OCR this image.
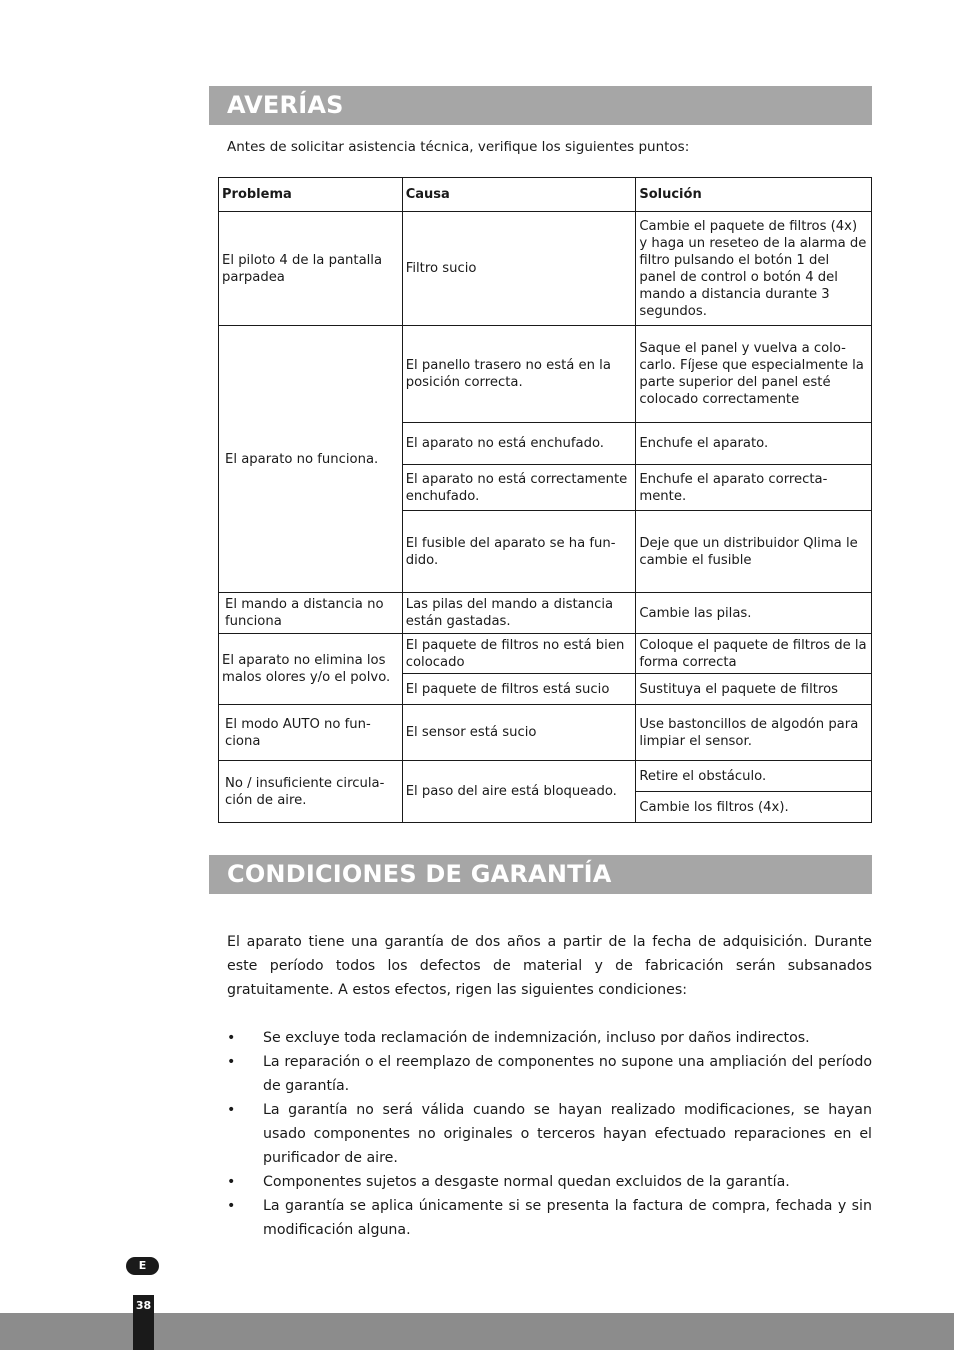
AVERÍAS
Antes de solicitar asistencia técnica, verifique los siguientes puntos:
Problema	Causa	Solución
El piloto 4 de la pantalla parpadea	Filtro sucio	Cambie el paquete de filtros (4x) y haga un reseteo de la alarma de filtro pulsando el botón 1 del panel de control o botón 4 del mando a distancia durante 3 segundos.
El aparato no funciona.	El panello trasero no está en la posición correcta.	Saque el panel y vuelva a colo-carlo. Fíjese que especialmente la parte superior del panel esté colocado correctamente
	El aparato no está enchufado.	Enchufe el aparato.
	El aparato no está correctamente enchufado.	Enchufe el aparato correcta-mente.
	El fusible del aparato se ha fun-dido.	Deje que un distribuidor Qlima le cambie el fusible
El mando a distancia no funciona	Las pilas del mando a distancia están gastadas.	Cambie las pilas.
El aparato no elimina los malos olores y/o el polvo.	El paquete de filtros no está bien colocado	Coloque el paquete de filtros de la forma correcta
	El paquete de filtros está sucio	Sustituya el paquete de filtros
El modo AUTO no fun-ciona	El sensor está sucio	Use bastoncillos de algodón para limpiar el sensor.
No / insuficiente circula-ción de aire.	El paso del aire está bloqueado.	Retire el obstáculo.
		Cambie los filtros (4x).
CONDICIONES DE GARANTÍA

El aparato tiene una garantía de dos años a partir de la fecha de adquisición. Durante este período todos los defectos de material y de fabricación serán subsanados gratuitamente. A estos efectos, rigen las siguientes condiciones:

• Se excluye toda reclamación de indemnización, incluso por daños indirectos.
• La reparación o el reemplazo de componentes no supone una ampliación del período de garantía.
• La garantía no será válida cuando se hayan realizado modificaciones, se hayan usado componentes no originales o terceros hayan efectuado reparaciones en el purificador de aire.
• Componentes sujetos a desgaste normal quedan excluidos de la garantía.
• La garantía se aplica únicamente si se presenta la factura de compra, fechada y sin modificación alguna.
E
38
